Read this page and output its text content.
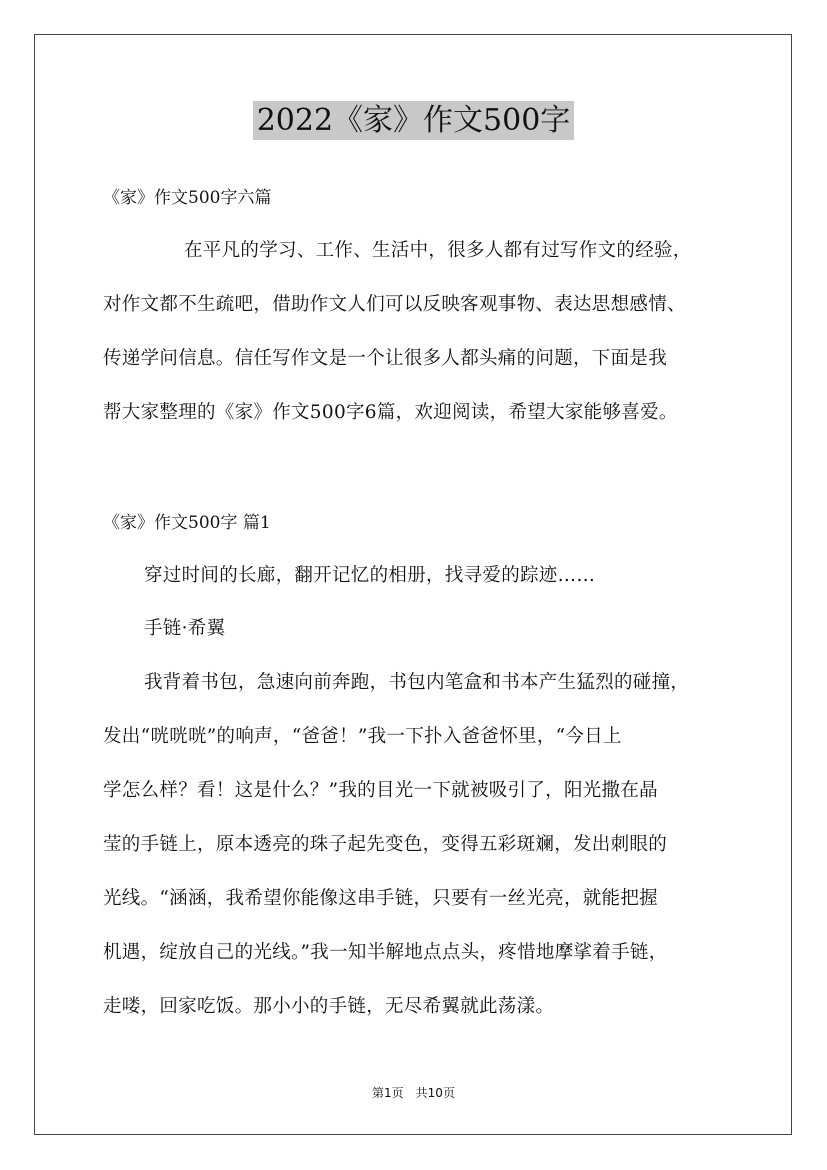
2022《家》作文500字
《家》作文500字六篇
在平凡的学习、工作、生活中，很多人都有过写作文的经验，
对作文都不生疏吧，借助作文人们可以反映客观事物、表达思想感情、
传递学问信息。信任写作文是一个让很多人都头痛的问题，下面是我
帮大家整理的《家》作文500字6篇，欢迎阅读，希望大家能够喜爱。
《家》作文500字 篇1
穿过时间的长廊，翻开记忆的相册，找寻爱的踪迹……
手链·希翼
我背着书包，急速向前奔跑，书包内笔盒和书本产生猛烈的碰撞，
发出“咣咣咣”的响声，“爸爸！”我一下扑入爸爸怀里，“今日上
学怎么样？看！这是什么？”我的目光一下就被吸引了，阳光撒在晶
莹的手链上，原本透亮的珠子起先变色，变得五彩斑斓，发出刺眼的
光线。“涵涵，我希望你能像这串手链，只要有一丝光亮，就能把握
机遇，绽放自己的光线。”我一知半解地点点头，疼惜地摩挲着手链，
走喽，回家吃饭。那小小的手链，无尽希翼就此荡漾。
第1页 共10页
